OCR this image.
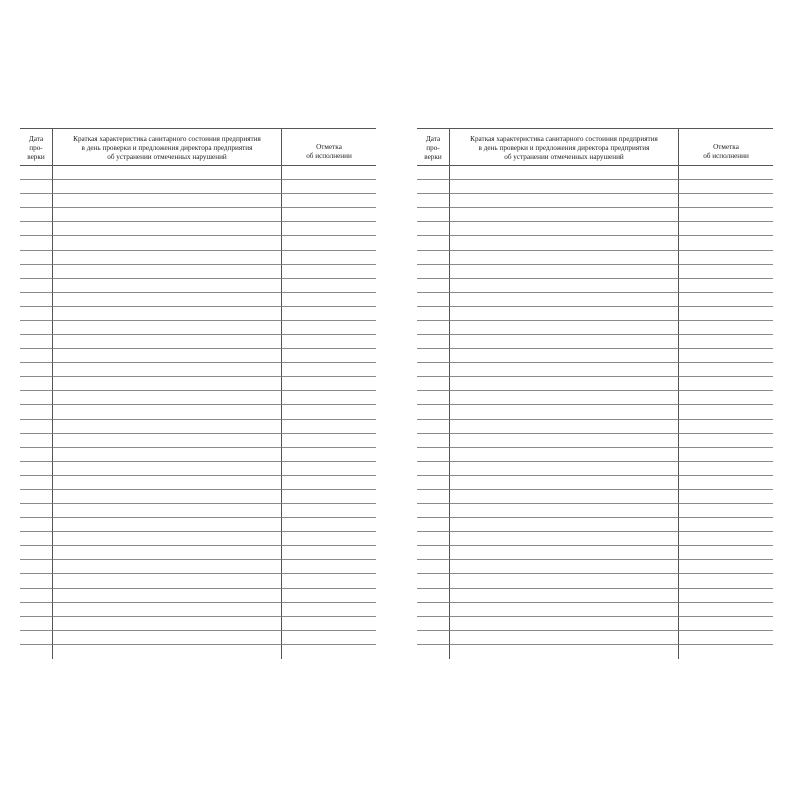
Дата
про-
верки
Краткая характеристика санитарного состоиния предприятия
в день проверки и предложения директора предприятия
об устранении отмеченных нарушений
Отметка
об исполнении
Дата
про-
верки
Краткая характеристика санитарного состоиния предприятия
в день проверки и предложения директора предприятия
об устранении отмеченных нарушений
Отметка
об исполнении
